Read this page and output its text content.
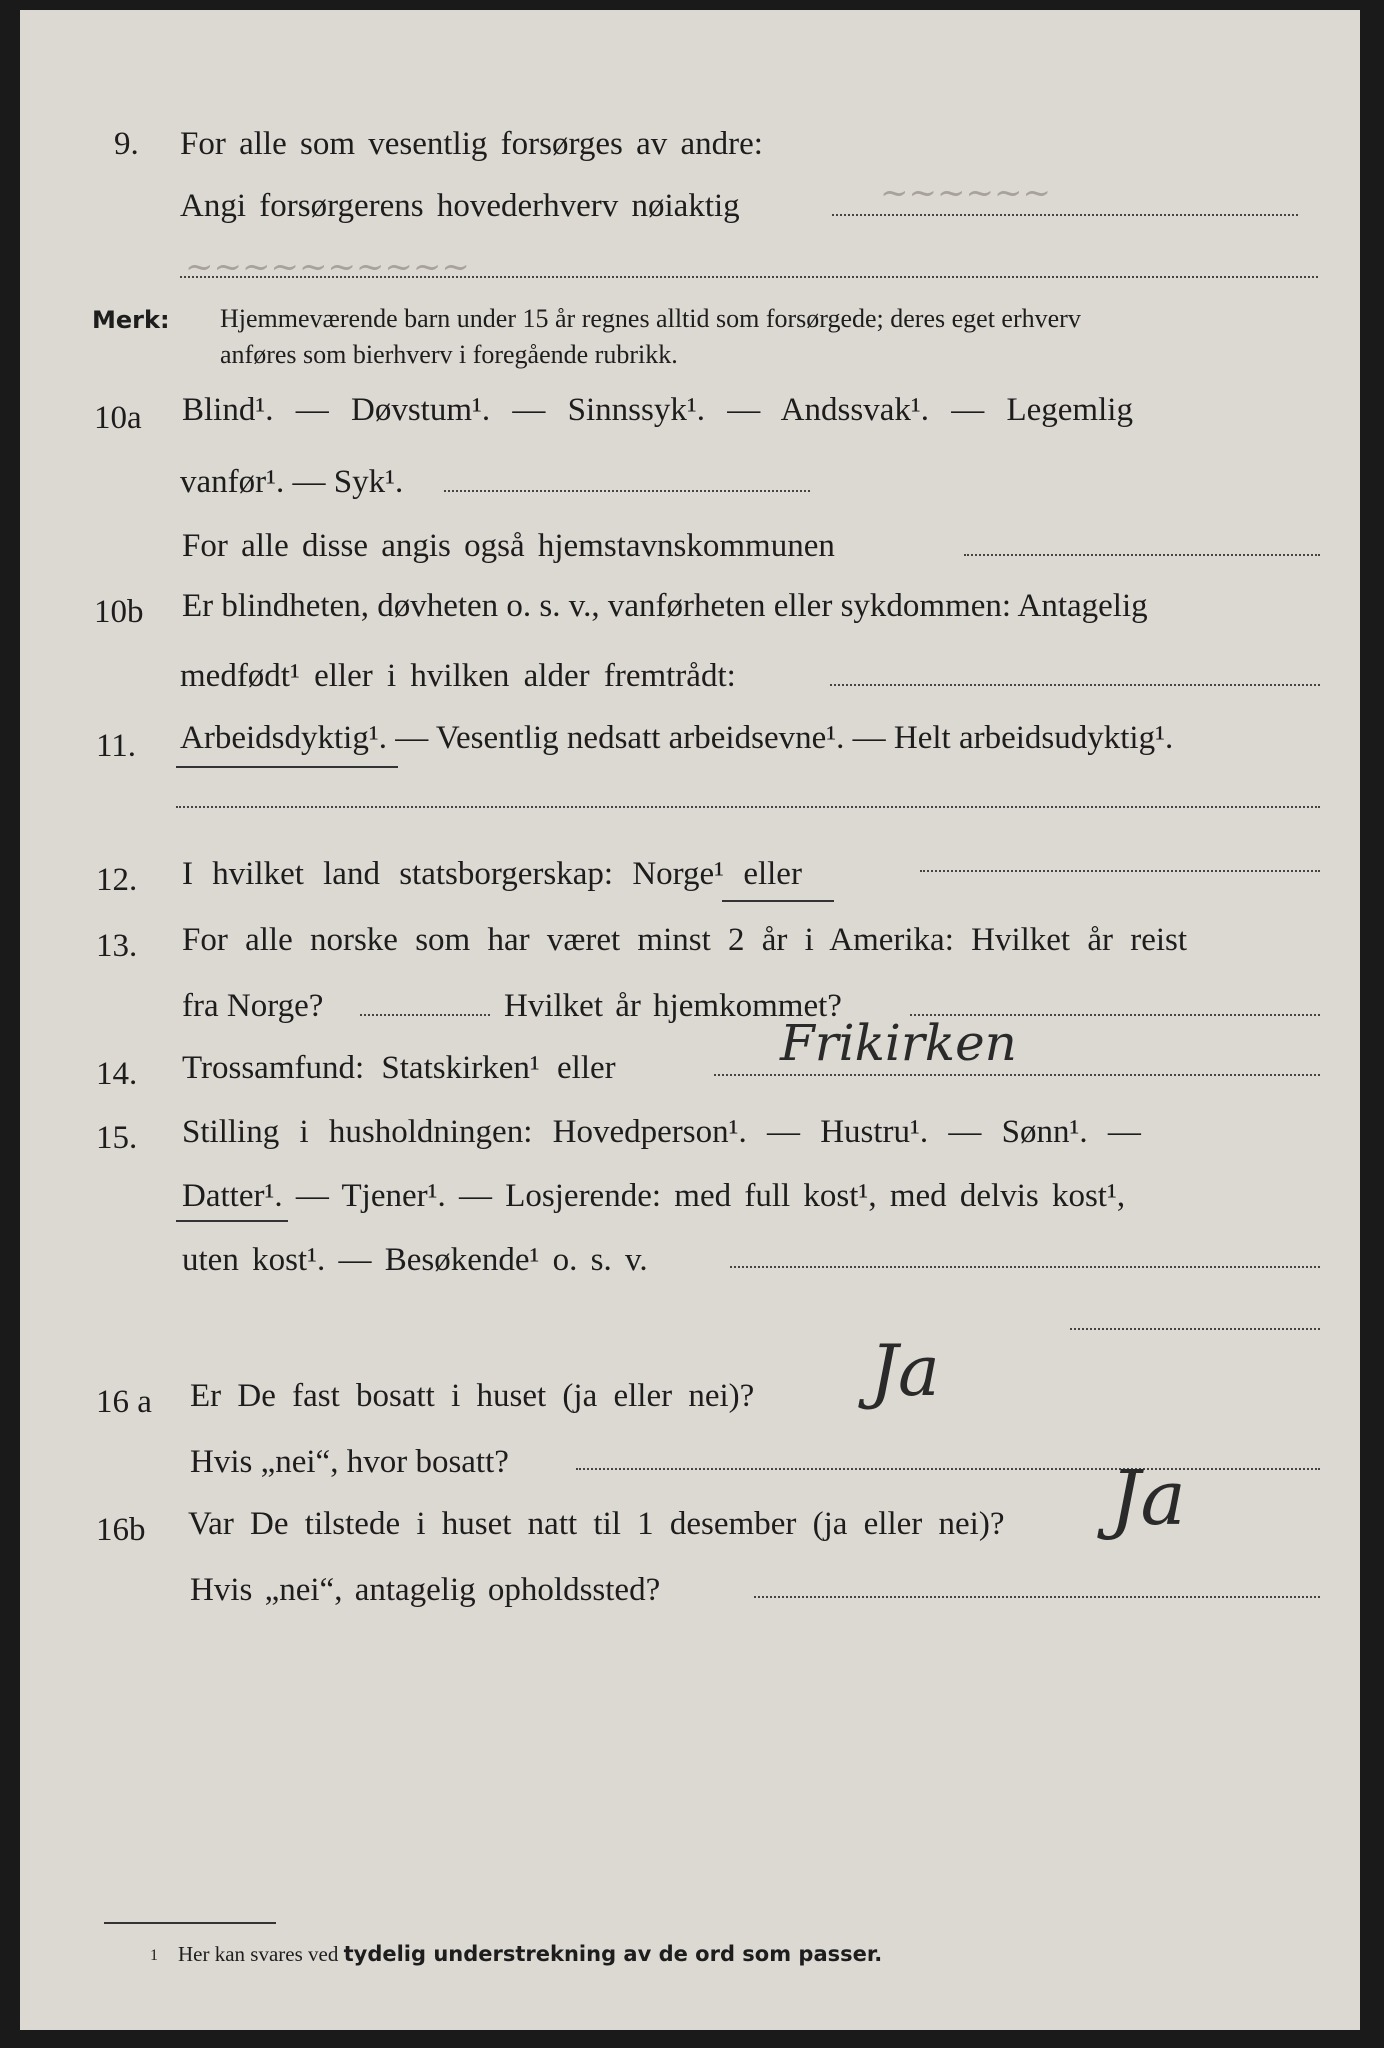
9. For alle som vesentlig forsørges av andre:
Angi forsørgerens hovederhverv nøiaktig	~~~~~~
~~~~~~~~~~
Merk: Hjemmeværende barn under 15 år regnes alltid som forsørgede; deres eget erhverv
anføres som bierhverv i foregående rubrikk.
10a Blind¹. — Døvstum¹. — Sinnssyk¹. — Andssvak¹. — Legemlig
vanfør¹. — Syk¹.
For alle disse angis også hjemstavnskommunen
10b Er blindheten, døvheten o. s. v., vanførheten eller sykdommen: Antagelig
medfødt¹ eller i hvilken alder fremtrådt:
11. Arbeidsdyktig¹. — Vesentlig nedsatt arbeidsevne¹. — Helt arbeidsudyktig¹.
12. I hvilket land statsborgerskap: Norge¹ eller
13. For alle norske som har været minst 2 år i Amerika: Hvilket år reist
fra Norge?	Hvilket år hjemkommet?
14. Trossamfund: Statskirken¹ eller	Frikirken
15. Stilling i husholdningen: Hovedperson¹. — Hustru¹. — Sønn¹. —
Datter¹. — Tjener¹. — Losjerende: med full kost¹, med delvis kost¹,
uten kost¹. — Besøkende¹ o. s. v.
16 a Er De fast bosatt i huset (ja eller nei)? Ja
Hvis „nei“, hvor bosatt?
16b Var De tilstede i huset natt til 1 desember (ja eller nei)? Ja
Hvis „nei“, antagelig opholdssted?
1 Her kan svares ved tydelig understrekning av de ord som passer.
